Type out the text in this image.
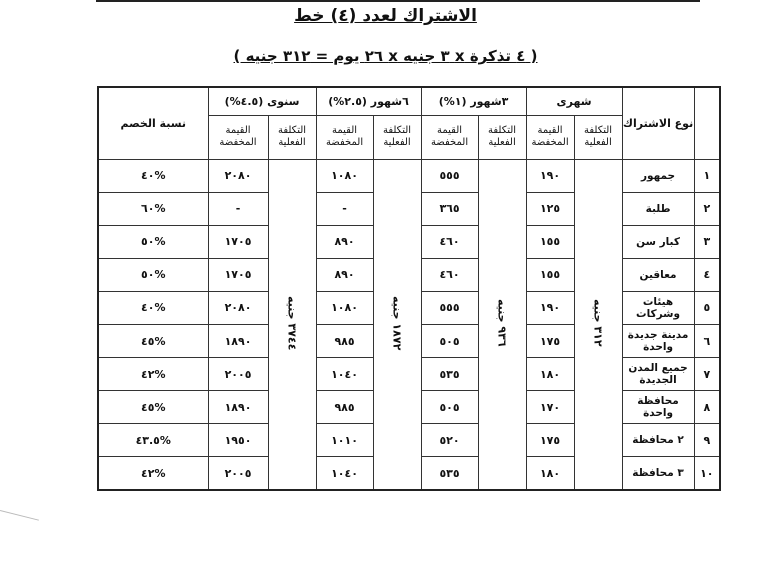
الاشتراك لعدد (٤) خط
( ٤ تذكرة x ٣ جنيه x ٢٦ يوم = ٣١٢ جنيه )
	نوع الاشتراك	شهرى		٣شهور (١%)		٦شهور (٢.٥%)		سنوى (٤.٥%)		نسبة الخصم
		التكلفة الفعلية	القيمة المخفضة	التكلفة الفعلية	القيمة المخفضة	التكلفة الفعلية	القيمة المخفضة	التكلفة الفعلية	القيمة المخفضة	
١	جمهور	٣١٢ جنيه	١٩٠	٩٣٦ جنيه	٥٥٥	١٨٧٢ جنيه	١٠٨٠	٣٧٤٤ جنيه	٢٠٨٠	%٤٠
٢	طلبة		١٢٥		٣٦٥		-		-	%٦٠
٣	كبار سن		١٥٥		٤٦٠		٨٩٠		١٧٠٥	%٥٠
٤	معاقين		١٥٥		٤٦٠		٨٩٠		١٧٠٥	%٥٠
٥	هيئات وشركات		١٩٠		٥٥٥		١٠٨٠		٢٠٨٠	%٤٠
٦	مدينة جديدة واحدة		١٧٥		٥٠٥		٩٨٥		١٨٩٠	%٤٥
٧	جميع المدن الجديدة		١٨٠		٥٣٥		١٠٤٠		٢٠٠٥	%٤٢
٨	محافظة واحدة		١٧٠		٥٠٥		٩٨٥		١٨٩٠	%٤٥
٩	٢ محافظة		١٧٥		٥٢٠		١٠١٠		١٩٥٠	%٤٣.٥
١٠	٣ محافظة		١٨٠		٥٣٥		١٠٤٠		٢٠٠٥	%٤٢
